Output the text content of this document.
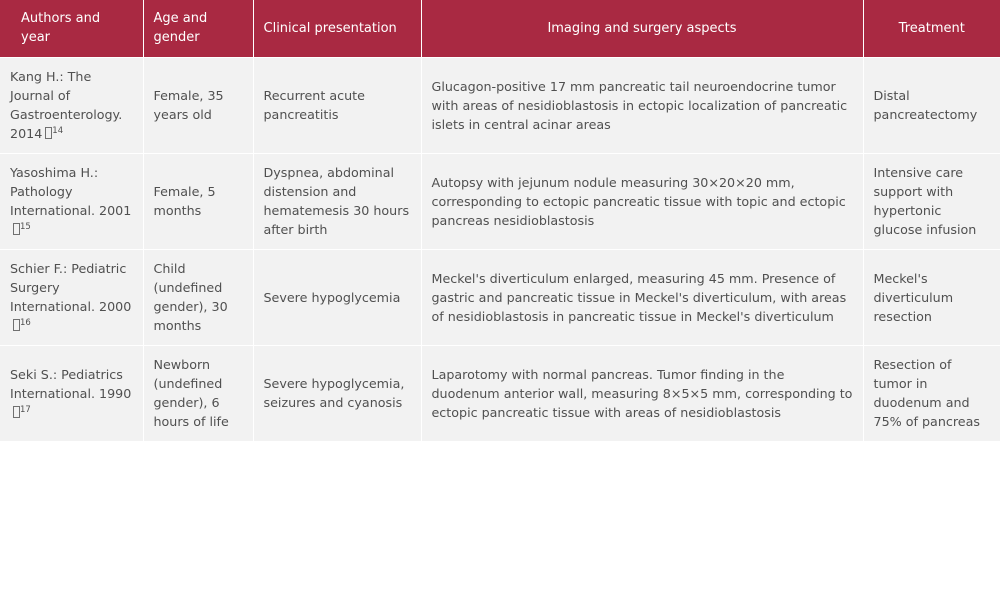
Authors and year	Age and gender	Clinical presentation	Imaging and surgery aspects	Treatment
Kang H.: The Journal of Gastroenterology. 2014 $^{14}$	Female, 35 years old	Recurrent acute pancreatitis	Glucagon-positive 17 mm pancreatic tail neuroendocrine tumor with areas of nesidioblastosis in ectopic localization of pancreatic islets in central acinar areas	Distal pancreatectomy
Yasoshima H.: Pathology International. 2001$^{15}$	Female, 5 months	Dyspnea, abdominal distension and hematemesis 30 hours after birth	Autopsy with jejunum nodule measuring 30×20×20 mm, corresponding to ectopic pancreatic tissue with topic and ectopic pancreas nesidioblastosis	Intensive care support with hypertonic glucose infusion
Schier F.: Pediatric Surgery International. 2000$^{16}$	Child (undefined gender), 30 months	Severe hypoglycemia	Meckel's diverticulum enlarged, measuring 45 mm. Presence of gastric and pancreatic tissue in Meckel's diverticulum, with areas of nesidioblastosis in pancreatic tissue in Meckel's diverticulum	Meckel's diverticulum resection
Seki S.: Pediatrics International. 1990$^{17}$	Newborn (undefined gender), 6 hours of life	Severe hypoglycemia, seizures and cyanosis	Laparotomy with normal pancreas. Tumor finding in the duodenum anterior wall, measuring 8×5×5 mm, corresponding to ectopic pancreatic tissue with areas of nesidioblastosis	Resection of tumor in duodenum and 75% of pancreas
